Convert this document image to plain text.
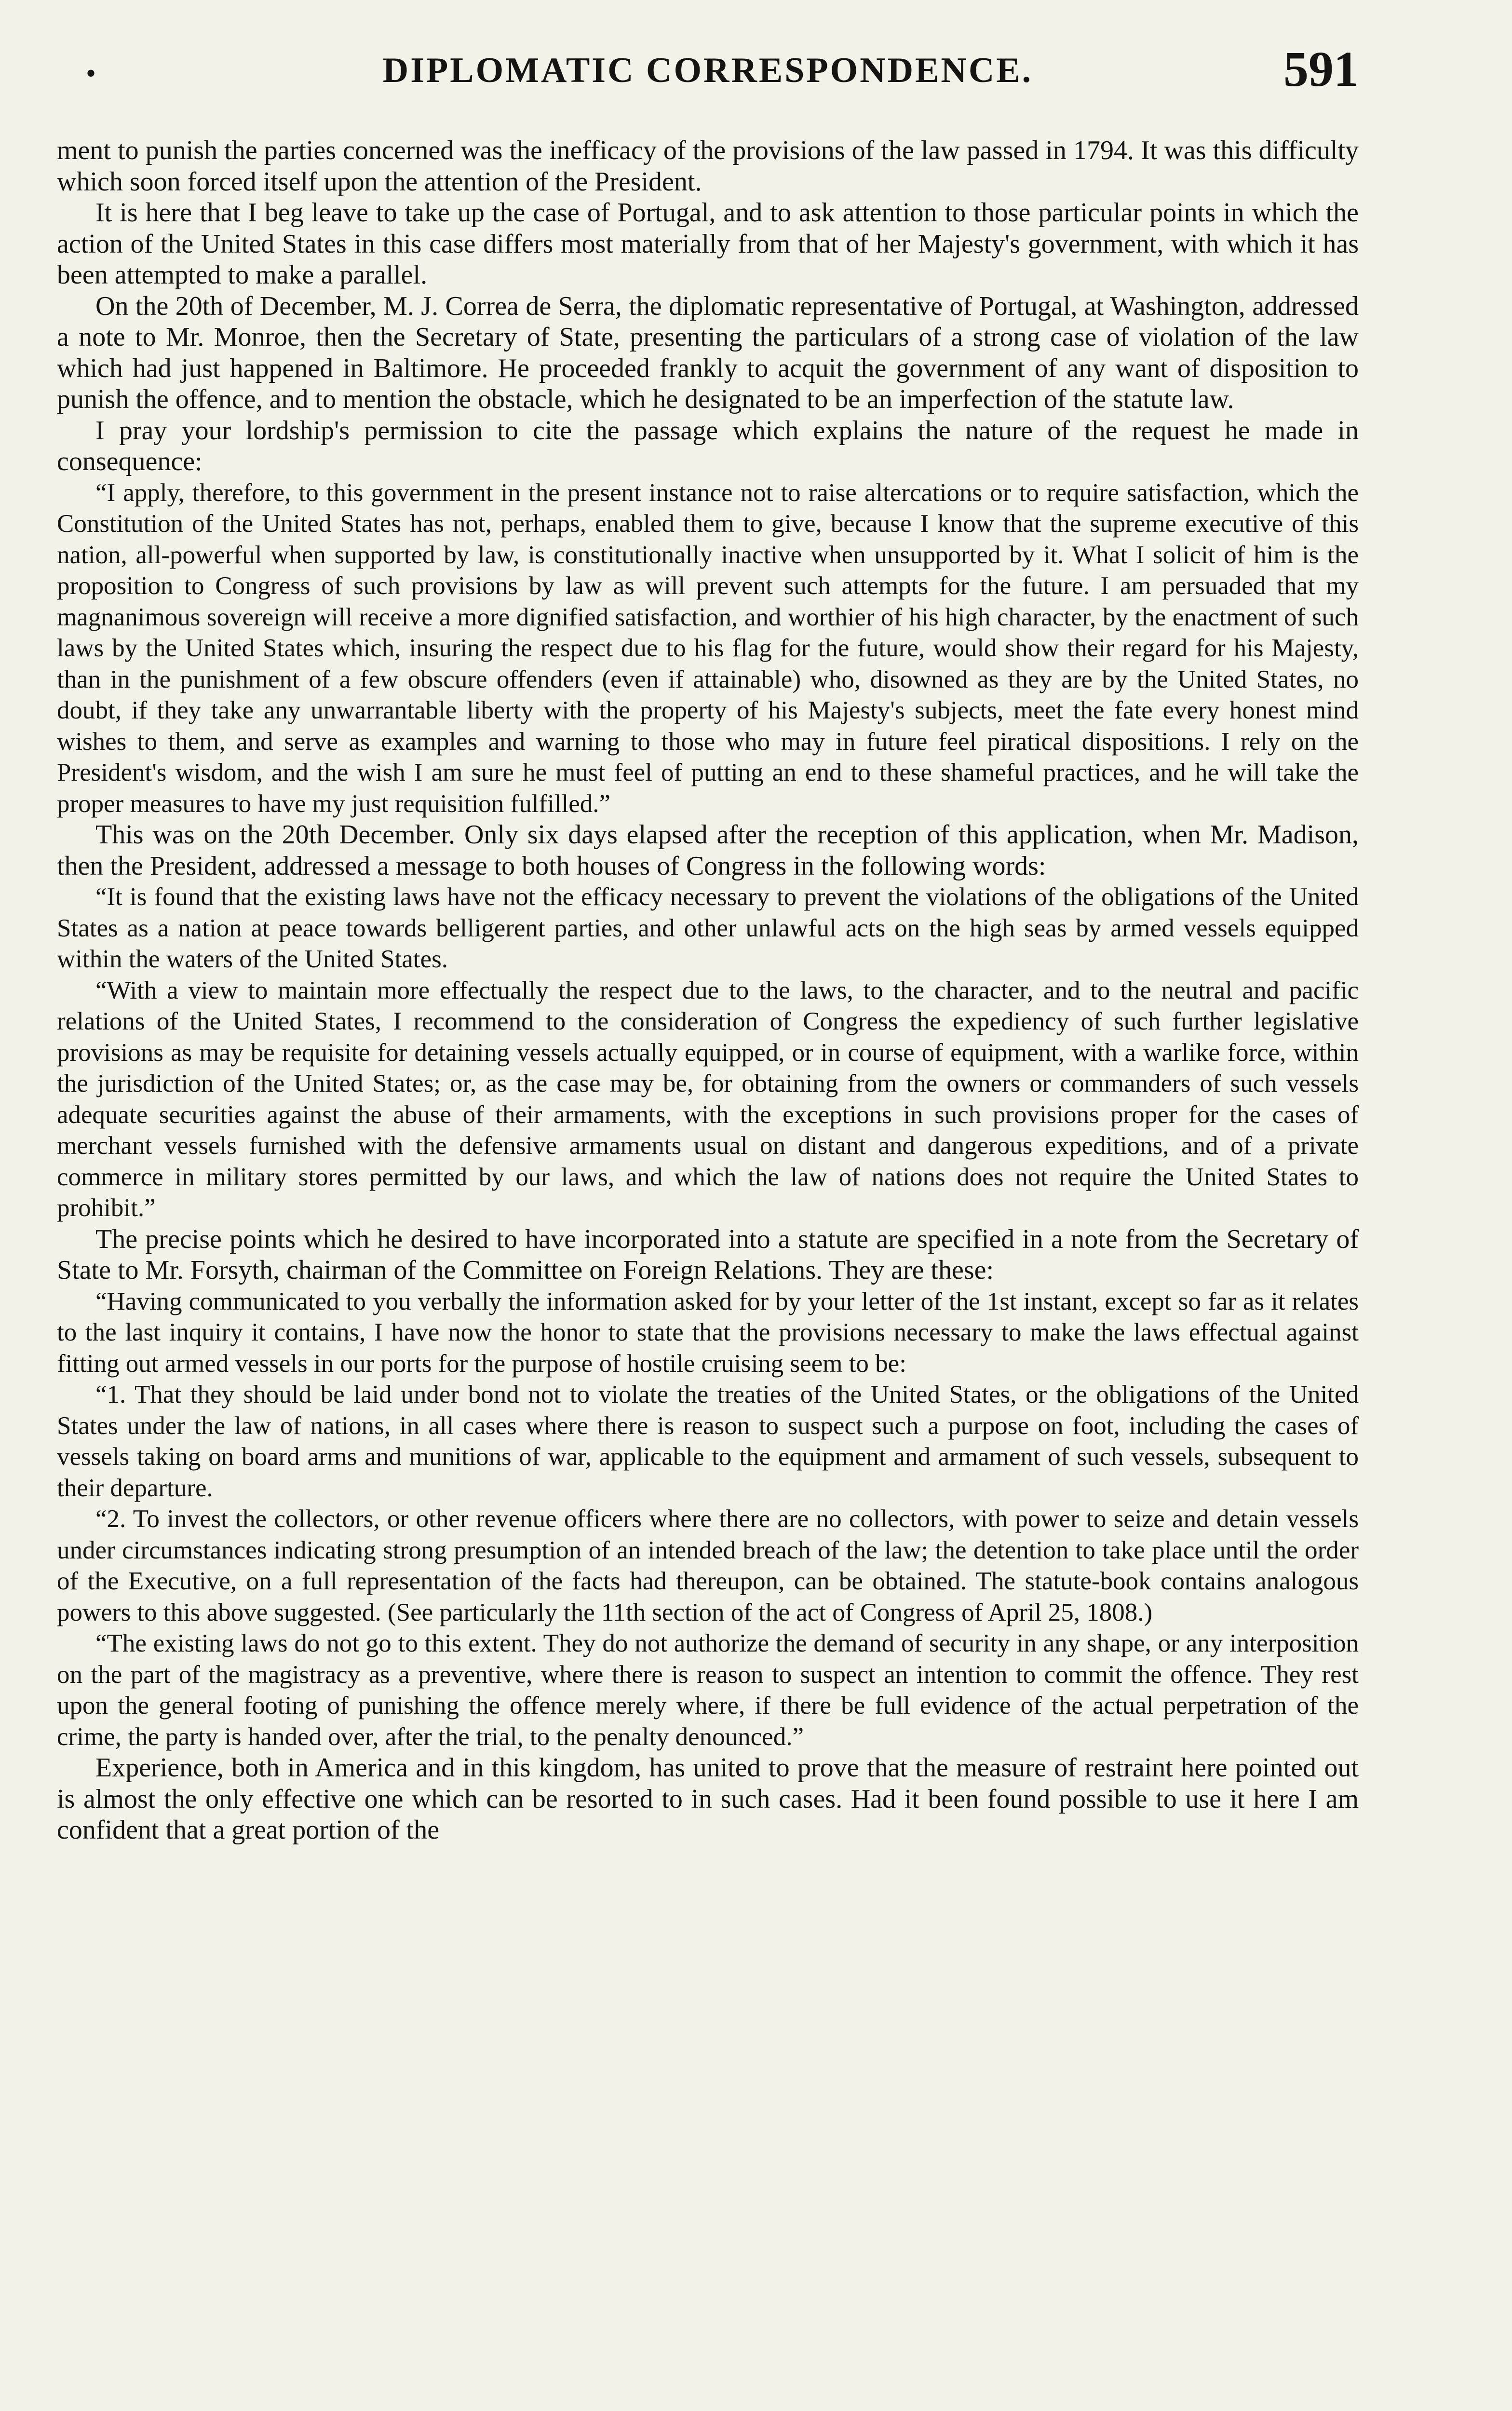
•	DIPLOMATIC CORRESPONDENCE.	591

ment to punish the parties concerned was the inefficacy of the provisions of the law passed in 1794. It was this difficulty which soon forced itself upon the attention of the President.

It is here that I beg leave to take up the case of Portugal, and to ask attention to those particular points in which the action of the United States in this case differs most materially from that of her Majesty's government, with which it has been attempted to make a parallel.

On the 20th of December, M. J. Correa de Serra, the diplomatic representative of Portugal, at Washington, addressed a note to Mr. Monroe, then the Secretary of State, presenting the particulars of a strong case of violation of the law which had just happened in Baltimore. He proceeded frankly to acquit the government of any want of disposition to punish the offence, and to mention the obstacle, which he designated to be an imperfection of the statute law.

I pray your lordship's permission to cite the passage which explains the nature of the request he made in consequence:

“I apply, therefore, to this government in the present instance not to raise altercations or to require satisfaction, which the Constitution of the United States has not, perhaps, enabled them to give, because I know that the supreme executive of this nation, all-powerful when supported by law, is constitutionally inactive when unsupported by it. What I solicit of him is the proposition to Congress of such provisions by law as will prevent such attempts for the future. I am persuaded that my magnanimous sovereign will receive a more dignified satisfaction, and worthier of his high character, by the enactment of such laws by the United States which, insuring the respect due to his flag for the future, would show their regard for his Majesty, than in the punishment of a few obscure offenders (even if attainable) who, disowned as they are by the United States, no doubt, if they take any unwarrantable liberty with the property of his Majesty's subjects, meet the fate every honest mind wishes to them, and serve as examples and warning to those who may in future feel piratical dispositions. I rely on the President's wisdom, and the wish I am sure he must feel of putting an end to these shameful practices, and he will take the proper measures to have my just requisition fulfilled.”

This was on the 20th December. Only six days elapsed after the reception of this application, when Mr. Madison, then the President, addressed a message to both houses of Congress in the following words:

“It is found that the existing laws have not the efficacy necessary to prevent the violations of the obligations of the United States as a nation at peace towards belligerent parties, and other unlawful acts on the high seas by armed vessels equipped within the waters of the United States.

“With a view to maintain more effectually the respect due to the laws, to the character, and to the neutral and pacific relations of the United States, I recommend to the consideration of Congress the expediency of such further legislative provisions as may be requisite for detaining vessels actually equipped, or in course of equipment, with a warlike force, within the jurisdiction of the United States; or, as the case may be, for obtaining from the owners or commanders of such vessels adequate securities against the abuse of their armaments, with the exceptions in such provisions proper for the cases of merchant vessels furnished with the defensive armaments usual on distant and dangerous expeditions, and of a private commerce in military stores permitted by our laws, and which the law of nations does not require the United States to prohibit.”

The precise points which he desired to have incorporated into a statute are specified in a note from the Secretary of State to Mr. Forsyth, chairman of the Committee on Foreign Relations. They are these:

“Having communicated to you verbally the information asked for by your letter of the 1st instant, except so far as it relates to the last inquiry it contains, I have now the honor to state that the provisions necessary to make the laws effectual against fitting out armed vessels in our ports for the purpose of hostile cruising seem to be:

“1. That they should be laid under bond not to violate the treaties of the United States, or the obligations of the United States under the law of nations, in all cases where there is reason to suspect such a purpose on foot, including the cases of vessels taking on board arms and munitions of war, applicable to the equipment and armament of such vessels, subsequent to their departure.

“2. To invest the collectors, or other revenue officers where there are no collectors, with power to seize and detain vessels under circumstances indicating strong presumption of an intended breach of the law; the detention to take place until the order of the Executive, on a full representation of the facts had thereupon, can be obtained. The statute-book contains analogous powers to this above suggested. (See particularly the 11th section of the act of Congress of April 25, 1808.)

“The existing laws do not go to this extent. They do not authorize the demand of security in any shape, or any interposition on the part of the magistracy as a preventive, where there is reason to suspect an intention to commit the offence. They rest upon the general footing of punishing the offence merely where, if there be full evidence of the actual perpetration of the crime, the party is handed over, after the trial, to the penalty denounced.”

Experience, both in America and in this kingdom, has united to prove that the measure of restraint here pointed out is almost the only effective one which can be resorted to in such cases. Had it been found possible to use it here I am confident that a great portion of the
